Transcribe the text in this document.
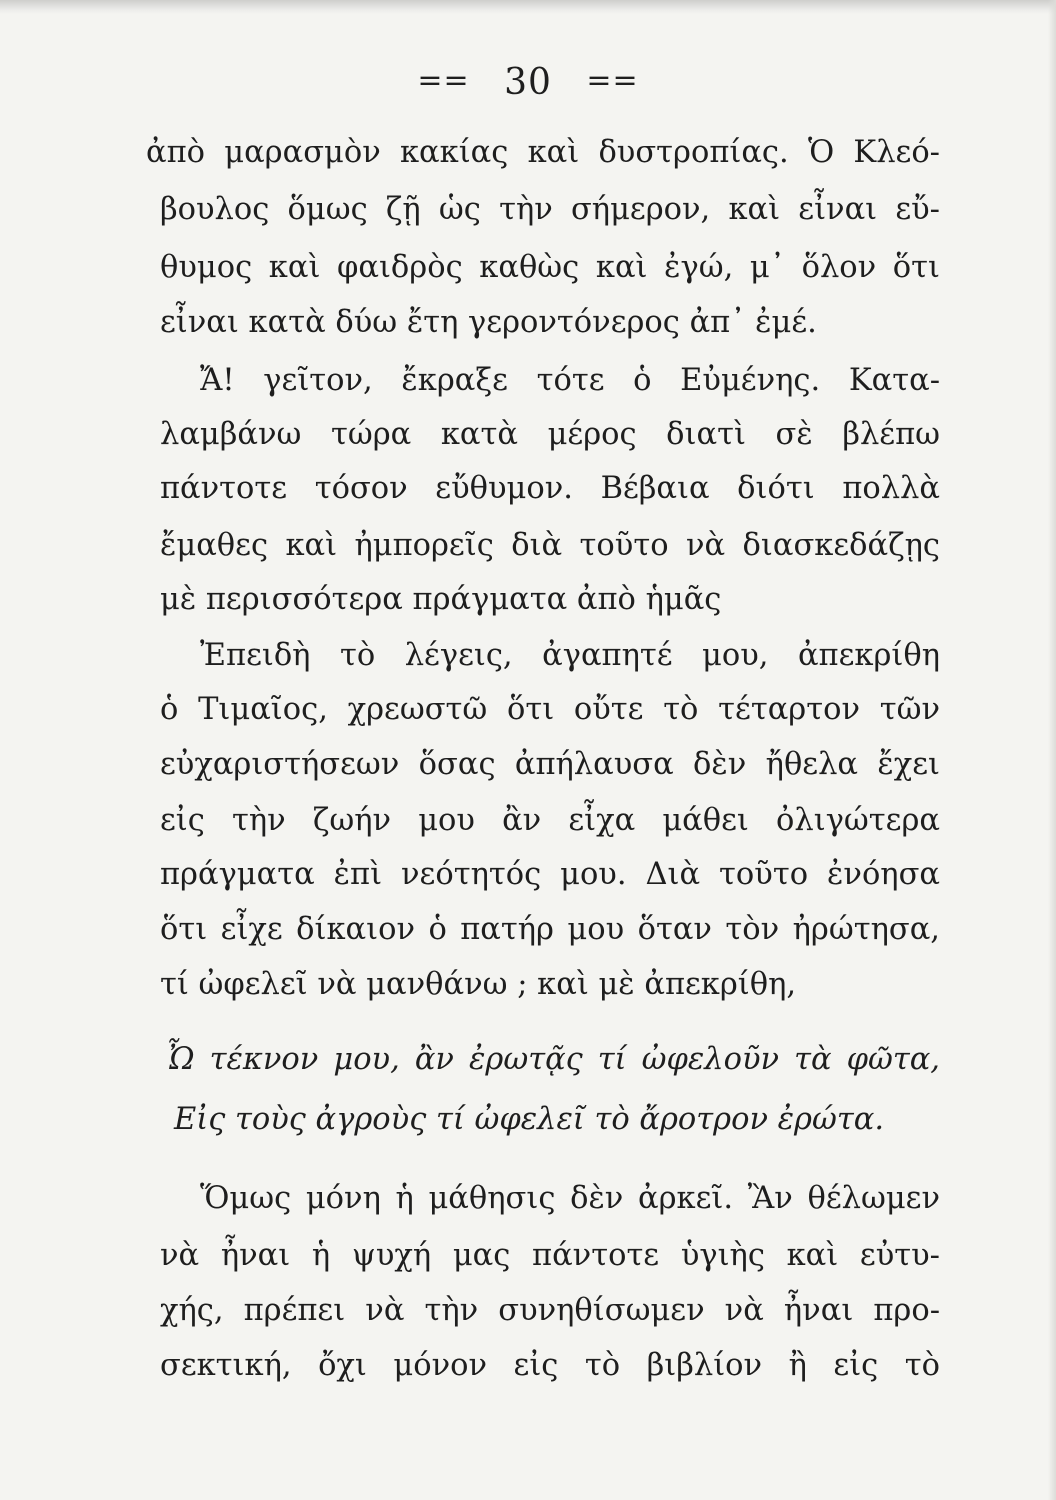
== 30 ==
ἀπὸ μαρασμὸν κακίας καὶ δυστροπίας. Ὁ Κλεό-
βουλος ὅμως ζῇ ὡς τὴν σήμερον, καὶ εἶναι εὔ-
θυμος καὶ φαιδρὸς καθὼς καὶ ἐγώ, μ᾿ ὅλον ὅτι
εἶναι κατὰ δύω ἔτη γεροντόνερος ἀπ᾿ ἐμέ.
Ἄ! γεῖτον, ἔκραξε τότε ὁ Εὐμένης. Κατα-
λαμβάνω τώρα κατὰ μέρος διατὶ σὲ βλέπω
πάντοτε τόσον εὔθυμον. Βέβαια διότι πολλὰ
ἔμαθες καὶ ἠμπορεῖς διὰ τοῦτο νὰ διασκεδάζῃς
μὲ περισσότερα πράγματα ἀπὸ ἡμᾶς
Ἐπειδὴ τὸ λέγεις, ἀγαπητέ μου, ἀπεκρίθη
ὁ Τιμαῖος, χρεωστῶ ὅτι οὔτε τὸ τέταρτον τῶν
εὐχαριστήσεων ὅσας ἀπήλαυσα δὲν ἤθελα ἔχει
εἰς τὴν ζωήν μου ἂν εἶχα μάθει ὀλιγώτερα
πράγματα ἐπὶ νεότητός μου. Διὰ τοῦτο ἐνόησα
ὅτι εἶχε δίκαιον ὁ πατήρ μου ὅταν τὸν ἠρώτησα,
τί ὠφελεῖ νὰ μανθάνω ; καὶ μὲ ἀπεκρίθη,
Ὦ τέκνον μου, ἂν ἐρωτᾷς τί ὠφελοῦν τὰ φῶτα,
Εἰς τοὺς ἀγροὺς τί ὠφελεῖ τὸ ἄροτρον ἐρώτα.
Ὅμως μόνη ἡ μάθησις δὲν ἀρκεῖ. Ἂν θέλωμεν
νὰ ἦναι ἡ ψυχή μας πάντοτε ὑγιὴς καὶ εὐτυ-
χής, πρέπει νὰ τὴν συνηθίσωμεν νὰ ἦναι προ-
σεκτική, ὄχι μόνον εἰς τὸ βιβλίον ἢ εἰς τὸ
